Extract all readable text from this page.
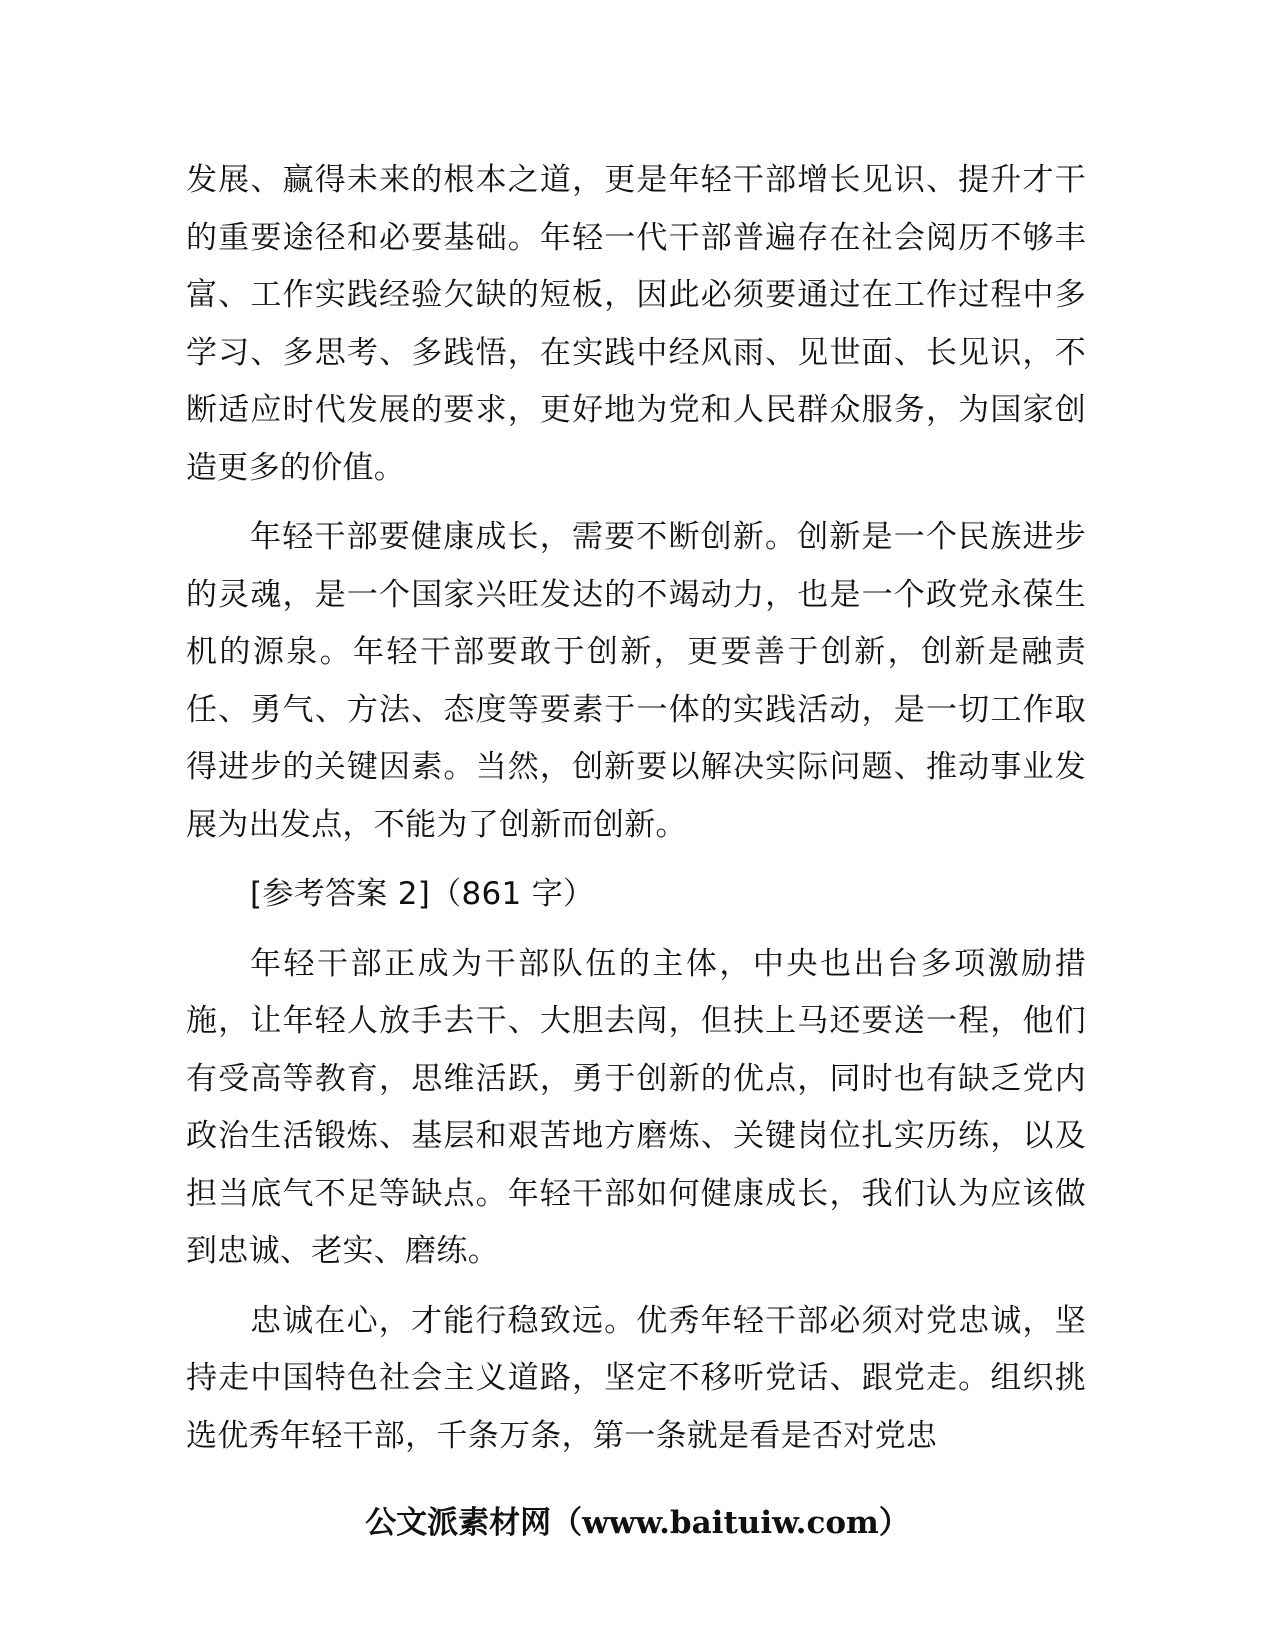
发展、赢得未来的根本之道，更是年轻干部增长见识、提升才干的重要途径和必要基础。年轻一代干部普遍存在社会阅历不够丰富、工作实践经验欠缺的短板，因此必须要通过在工作过程中多学习、多思考、多践悟，在实践中经风雨、见世面、长见识，不断适应时代发展的要求，更好地为党和人民群众服务，为国家创造更多的价值。

年轻干部要健康成长，需要不断创新。创新是一个民族进步的灵魂，是一个国家兴旺发达的不竭动力，也是一个政党永葆生机的源泉。年轻干部要敢于创新，更要善于创新，创新是融责任、勇气、方法、态度等要素于一体的实践活动，是一切工作取得进步的关键因素。当然，创新要以解决实际问题、推动事业发展为出发点，不能为了创新而创新。

[参考答案 2]（861 字）

年轻干部正成为干部队伍的主体，中央也出台多项激励措施，让年轻人放手去干、大胆去闯，但扶上马还要送一程，他们有受高等教育，思维活跃，勇于创新的优点，同时也有缺乏党内政治生活锻炼、基层和艰苦地方磨炼、关键岗位扎实历练，以及担当底气不足等缺点。年轻干部如何健康成长，我们认为应该做到忠诚、老实、磨练。

忠诚在心，才能行稳致远。优秀年轻干部必须对党忠诚，坚持走中国特色社会主义道路，坚定不移听党话、跟党走。组织挑选优秀年轻干部，千条万条，第一条就是看是否对党忠

公文派素材网（www.baituiw.com）
